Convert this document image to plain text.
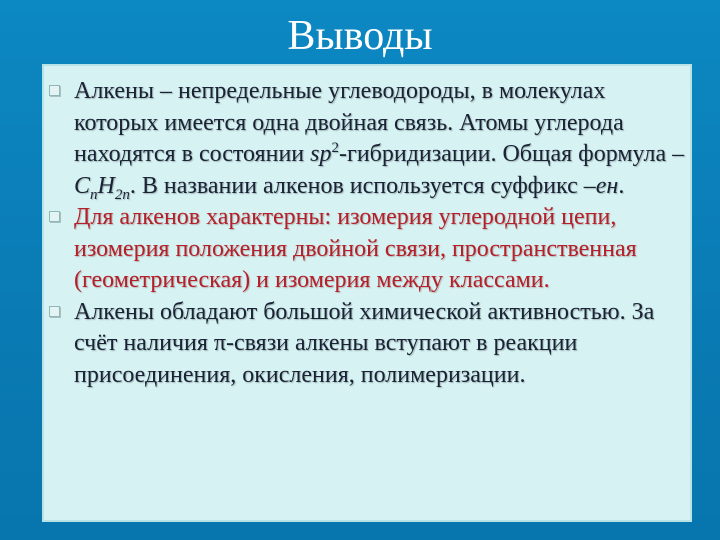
Выводы
Алкены – непредельные углеводороды, в молекулах которых имеется одна двойная связь. Атомы углерода находятся в состоянии $sp^2$-гибридизации. Общая формула – $C_nH_{2n}$. В названии алкенов используется суффикс –ен.
Для алкенов характерны: изомерия углеродной цепи, изомерия положения двойной связи, пространственная (геометрическая) и изомерия между классами.
Алкены обладают большой химической активностью. За счёт наличия π-связи алкены вступают в реакции присоединения, окисления, полимеризации.
